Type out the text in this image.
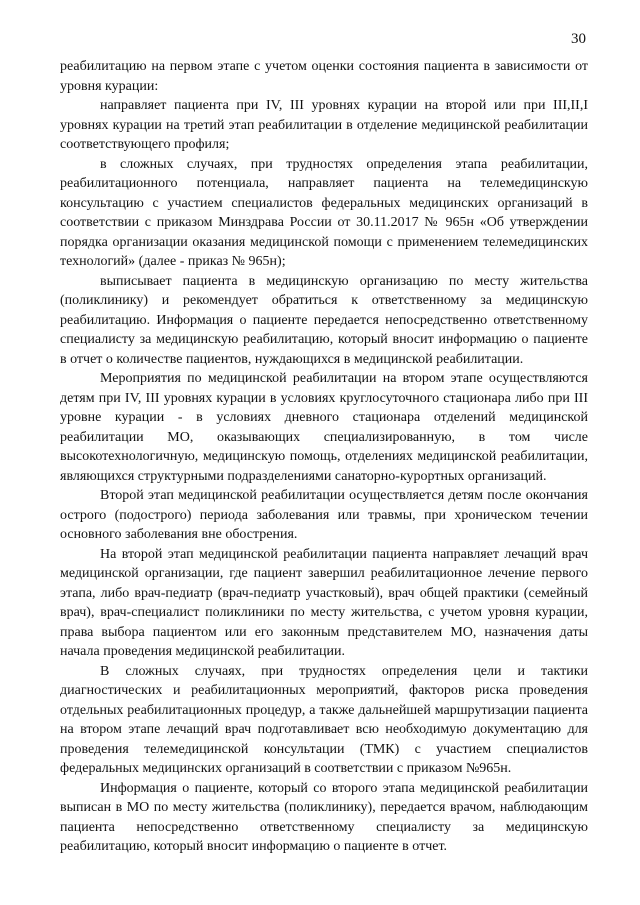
30

реабилитацию на первом этапе с учетом оценки состояния пациента в зависимости от уровня курации:

направляет пациента при IV, III уровнях курации на второй или при III,II,I уровнях курации на третий этап реабилитации в отделение медицинской реабилитации соответствующего профиля;

в сложных случаях, при трудностях определения этапа реабилитации, реабилитационного потенциала, направляет пациента на телемедицинскую консультацию с участием специалистов федеральных медицинских организаций в соответствии с приказом Минздрава России от 30.11.2017 № 965н «Об утверждении порядка организации оказания медицинской помощи с применением телемедицинских технологий» (далее - приказ № 965н);

выписывает пациента в медицинскую организацию по месту жительства (поликлинику) и рекомендует обратиться к ответственному за медицинскую реабилитацию. Информация о пациенте передается непосредственно ответственному специалисту за медицинскую реабилитацию, который вносит информацию о пациенте в отчет о количестве пациентов, нуждающихся в медицинской реабилитации.

Мероприятия по медицинской реабилитации на втором этапе осуществляются детям при IV, III уровнях курации в условиях круглосуточного стационара либо при III уровне курации - в условиях дневного стационара отделений медицинской реабилитации МО, оказывающих специализированную, в том числе высокотехнологичную, медицинскую помощь, отделениях медицинской реабилитации, являющихся структурными подразделениями санаторно-курортных организаций.

Второй этап медицинской реабилитации осуществляется детям после окончания острого (подострого) периода заболевания или травмы, при хроническом течении основного заболевания вне обострения.

На второй этап медицинской реабилитации пациента направляет лечащий врач медицинской организации, где пациент завершил реабилитационное лечение первого этапа, либо врач-педиатр (врач-педиатр участковый), врач общей практики (семейный врач), врач-специалист поликлиники по месту жительства, с учетом уровня курации, права выбора пациентом или его законным представителем МО, назначения даты начала проведения медицинской реабилитации.

В сложных случаях, при трудностях определения цели и тактики диагностических и реабилитационных мероприятий, факторов риска проведения отдельных реабилитационных процедур, а также дальнейшей маршрутизации пациента на втором этапе лечащий врач подготавливает всю необходимую документацию для проведения телемедицинской консультации (ТМК) с участием специалистов федеральных медицинских организаций в соответствии с приказом №965н.

Информация о пациенте, который со второго этапа медицинской реабилитации выписан в МО по месту жительства (поликлинику), передается врачом, наблюдающим пациента непосредственно ответственному специалисту за медицинскую реабилитацию, который вносит информацию о пациенте в отчет.
